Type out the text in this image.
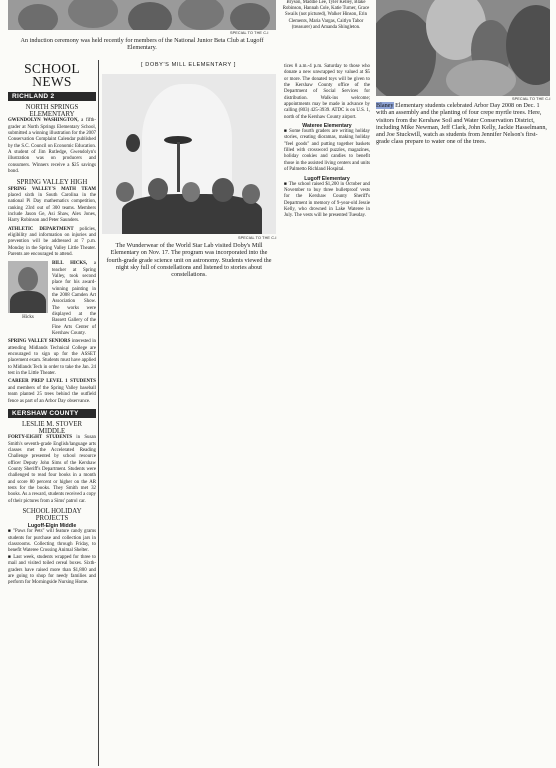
SPECIAL TO THE C-I
An induction ceremony was held recently for members of the National Junior Beta Club at Lugoff Elementary.

Bryson, Maddie Lee, Tyler Kelley, Blake Robinson, Hannah Cole, Katie Turner, Grace Swails (not pictured), Walker Hinson, Erin Clements, Maria Vargas, Caitlyn Tabor (treasurer) and Amanda Shingleton.

SPECIAL TO THE C-I
Blaney Elementary students celebrated Arbor Day 2008 on Dec. 1 with an assembly and the planting of four crepe myrtle trees. Here, visitors from the Kershaw Soil and Water Conservation District, including Mike Newman, Jeff Clark, John Kelly, Jackie Hasselmann, and Joe Stuckwill, watch as students from Jennifer Nelson's first-grade class prepare to water one of the trees.
SCHOOL NEWS
RICHLAND 2
NORTH SPRINGS ELEMENTARY

GWENDOLYN WASHINGTON, a fifth-grader at North Springs Elementary School, submitted a winning illustration for the 2007 Conservation Complaint Calendar published by the S.C. Council on Economic Education. A student of Jim Rutledge, Gwendolyn's illustration was on producers and consumers. Winners receive a $25 savings bond.

SPRING VALLEY HIGH

SPRING VALLEY'S MATH TEAM placed sixth in South Carolina in the national Pi Day mathematics competition, ranking 23rd out of 300 teams. Members include Jason Ge, Asi Shaw, Alex Jones, Harry Robinson and Peter Saunders.

ATHLETIC DEPARTMENT policies, eligibility and information on injuries and prevention will be addressed at 7 p.m. Monday in the Spring Valley Little Theater. Parents are encouraged to attend.

Hicks

BILL HICKS, a teacher at Spring Valley, took second place for his award-winning painting in the 2008 Camden Art Association Show. The works were displayed at the Bassett Gallery of the Fine Arts Center of Kershaw County.

SPRING VALLEY SENIORS interested in attending Midlands Technical College are encouraged to sign up for the ASSET placement exam. Students must have applied to Midlands Tech in order to take the Jan. 24 test in the Little Theater.

CAREER PREP LEVEL 1 STUDENTS and members of the Spring Valley baseball team planted 25 trees behind the outfield fence as part of an Arbor Day observance.

KERSHAW COUNTY
LESLIE M. STOVER MIDDLE

FORTY-EIGHT STUDENTS in Susan Smith's seventh-grade English/language arts classes met the Accelerated Reading Challenge presented by school resource officer Deputy John Sims of the Kershaw County Sheriff's Department. Students were challenged to read four books in a month and score 80 percent or higher on the AR tests for the books. They Smith met 32 books. As a reward, students received a copy of their pictures from a Sims' patrol car.

SCHOOL HOLIDAY PROJECTS
Lugoff-Elgin Middle

■ "Paws for Pets" will feature candy grams students for purchase and collection jars in classrooms. Collecting through Friday, to benefit Wateree Crossing Animal Shelter.

■ Last week, students wrapped for three to mail and visited toiled cereal boxes. Sixth-graders have raised more than $1,800 and are going to shop for needy families and perform for Morningside Nursing Home.

[ DOBY'S MILL ELEMENTARY ]
SPECIAL TO THE C-I
The Wunderwear of the World Star Lab visited Doby's Mill Elementary on Nov. 17. The program was incorporated into the fourth-grade grade science unit on astronomy. Students viewed the night sky full of constellations and listened to stories about constellations.

tices 8 a.m.-4 p.m. Saturday to those who donate a new unwrapped toy valued at $5 or more. The donated toys will be given to the Kershaw County office of the Department of Social Services for distribution. Walk-ins welcome; appointments may be made in advance by calling (803) 425-3939. ATDC is on U.S. 1, north of the Kershaw County airport.

Wateree Elementary

■ Some fourth graders are writing holiday stories, creating dioramas, making holiday "feel goods" and putting together baskets filled with crossword puzzles, magazines, holiday cookies and candies to benefit those in the assisted living centers and units of Palmetto Richland Hospital.

Lugoff Elementary

■ The school raised $1,200 in October and November to buy three bulletproof vests for the Kershaw County Sheriff's Department in memory of 9-year-old Jessie Kelly, who drowned in Lake Wateree in July. The vests will be presented Tuesday.
